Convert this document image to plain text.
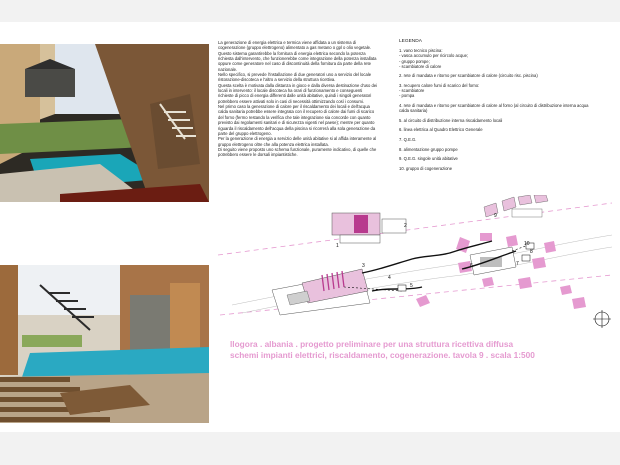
La generazione di energia elettrica e termica viene affidata a un sistema di cogenerazione (gruppo elettrogeno) alimentato a gas metano o gpl o olio vegetale.

Questo sistema garantirebbe la fornitura di energia elettrica secondo la potenza richiesta dall'intervento, che funzionerebbe come integrazione della potenza installata oppure come generatore nel caso di discontinuità della fornitura da parte della rete nazionale.

Nello specifico, si prevede l'installazione di due generatori uno a servizio del locale ristorazione-discoteca e l'altro a servizio della struttura ricettiva.

Questa scelta è motivata dalla distanza in gioco e dalla diversa destinazione d'uso dei locali in intervento: il locale discoteca ha orari di funzionamento e conseguenti richieste di picco di energia differenti dalle unità abitative, quindi i singoli generatori potrebbero essere attivati solo in casi di necessità ottimizzando così i consumi.

Nel primo caso la generazione di calore per il riscaldamento dei locali e dell'acqua calda sanitaria potrebbe essere integrata con il recupero di calore dai fumi di scarico del forno (fermo restando la verifica che tale integrazione sia concorde con quanto previsto dai regolamenti sanitari e di sicurezza vigenti nel paese); mentre per quanto riguarda il riscaldamento dell'acqua della piscina si ricorrerà alla sola generazione da parte del gruppo elettrogeno.

Per la generazione di energia a servizio delle unità abitative si al affida interamente al gruppo elettrogeno oltre che alla potenza elettrica installata.

Di seguito viene proposto uno schema funzionale, puramente indicativo, di quelle che potrebbero essere le dorsali impiantistiche.

LEGENDA
1. vano tecnico piscina:
- vasca accumulo per ricircolo acque;
- gruppo pompe;
- scambiatore di calore
2. rete di mandata e ritorno per scambiatore di calore (circuito risc. piscina)
3. recupero calore fumi di scarico del forno:
- scambiatore
- pompa
4. rete di mandata e ritorno per scambiatore di calore al forno (al circuito di distribuzione interna acqua calda sanitaria)
5. al circuito di distribuzione interna riscaldamento locali
6. linea elettrica al Quadro Elettrico Generale
7. Q.E.G.
8. alimentazione gruppo pompe
9. Q.E.G. singole unità abitative
10. gruppo di cogenerazione
1
2
3
4
5
6	7
8
9
10
llogora . albania . progetto preliminare per una struttura ricettiva diffusa
schemi impianti elettrici, riscaldamento, cogenerazione. tavola 9 . scala 1:500
